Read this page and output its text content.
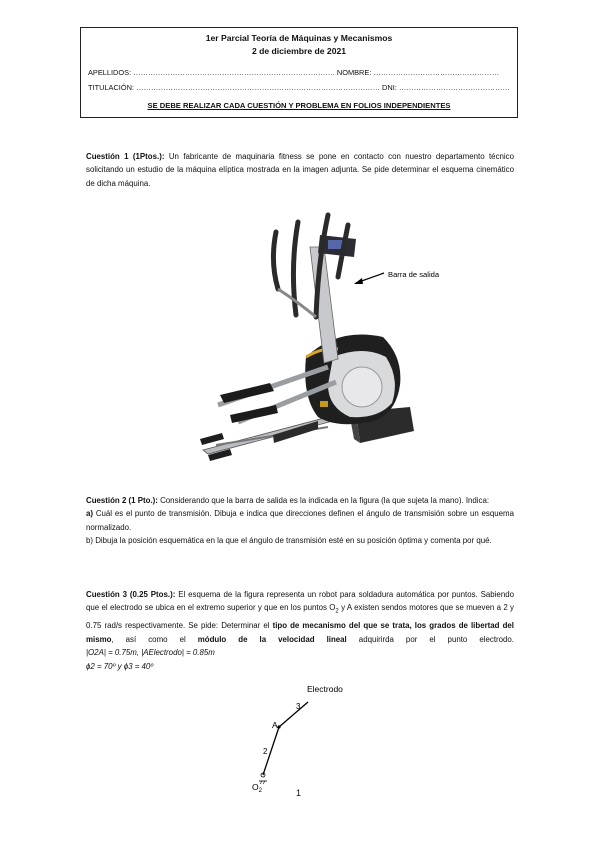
1er Parcial Teoría de Máquinas y Mecanismos
2 de diciembre de 2021
APELLIDOS: ………………………………………………………………………. NOMBRE: ……………………………………………
TITULACIÓN: ……………………………………………………………………………………… DNI: ………………………………………
SE DEBE REALIZAR CADA CUESTIÓN Y PROBLEMA EN FOLIOS INDEPENDIENTES
Cuestión 1 (1Ptos.): Un fabricante de maquinaria fitness se pone en contacto con nuestro departamento técnico solicitando un estudio de la máquina elíptica mostrada en la imagen adjunta. Se pide determinar el esquema cinemático de dicha máquina.
Barra de salida
Cuestión 2 (1 Pto.): Considerando que la barra de salida es la indicada en la figura (la que sujeta la mano). Indica:
a) Cuál es el punto de transmisión. Dibuja e indica que direcciones definen el ángulo de transmisión sobre un esquema normalizado.
b) Dibuja la posición esquemática en la que el ángulo de transmisión esté en su posición óptima y comenta por qué.
Cuestión 3 (0.25 Ptos.): El esquema de la figura representa un robot para soldadura automática por puntos. Sabiendo que el electrodo se ubica en el extremo superior y que en los puntos $O_2$ y A existen sendos motores que se mueven a 2 y 0.75 rad/s respectivamente. Se pide: Determinar el tipo de mecanismo del que se trata, los grados de libertad del mismo, así como el módulo de la velocidad lineal adquirirda por el punto electrodo. |O2A| = 0.75m, |AElectrodo| = 0.85m
ϕ2 = 70º y ϕ3 = 40º
Electrodo
A
$O_2$
2
3
1
